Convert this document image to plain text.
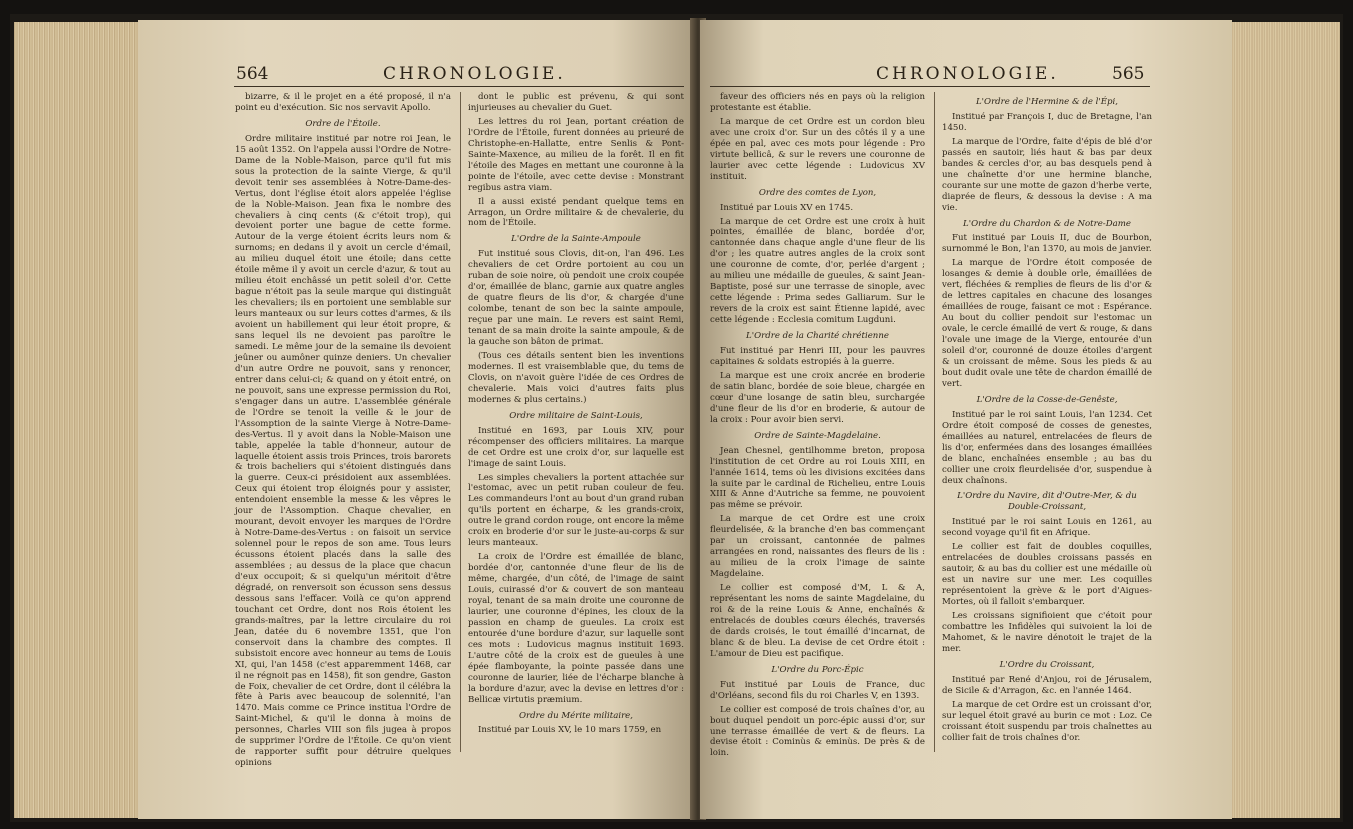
564	CHRONOLOGIE.

bizarre, & il le projet en a été proposé, il n'a point eu d'exécution. Sic nos servavit Apollo.

Ordre de l'Étoile.

Ordre militaire institué par notre roi Jean, le 15 août 1352. On l'appela aussi l'Ordre de Notre-Dame de la Noble-Maison, parce qu'il fut mis sous la protection de la sainte Vierge, & qu'il devoit tenir ses assemblées à Notre-Dame-des-Vertus, dont l'église étoit alors appelée l'église de la Noble-Maison. Jean fixa le nombre des chevaliers à cinq cents (& c'étoit trop), qui devoient porter une bague de cette forme. Autour de la verge étoient écrits leurs nom & surnoms; en dedans il y avoit un cercle d'émail, au milieu duquel étoit une étoile; dans cette étoile même il y avoit un cercle d'azur, & tout au milieu étoit enchâssé un petit soleil d'or. Cette bague n'étoit pas la seule marque qui distinguât les chevaliers; ils en portoient une semblable sur leurs manteaux ou sur leurs cottes d'armes, & ils avoient un habillement qui leur étoit propre, & sans lequel ils ne devoient pas paroître le samedi. Le même jour de la semaine ils devoient jeûner ou aumôner quinze deniers. Un chevalier d'un autre Ordre ne pouvoit, sans y renoncer, entrer dans celui-ci; & quand on y étoit entré, on ne pouvoit, sans une expresse permission du Roi, s'engager dans un autre. L'assemblée générale de l'Ordre se tenoit la veille & le jour de l'Assomption de la sainte Vierge à Notre-Dame-des-Vertus. Il y avoit dans la Noble-Maison une table, appelée la table d'honneur, autour de laquelle étoient assis trois Princes, trois barorets & trois bacheliers qui s'étoient distingués dans la guerre. Ceux-ci présidoient aux assemblées. Ceux qui étoient trop éloignés pour y assister, entendoient ensemble la messe & les vêpres le jour de l'Assomption. Chaque chevalier, en mourant, devoit envoyer les marques de l'Ordre à Notre-Dame-des-Vertus : on faisoit un service solennel pour le repos de son ame. Tous leurs écussons étoient placés dans la salle des assemblées ; au dessus de la place que chacun d'eux occupoit; & si quelqu'un méritoit d'être dégradé, on renversoit son écusson sens dessus dessous sans l'effacer. Voilà ce qu'on apprend touchant cet Ordre, dont nos Rois étoient les grands-maîtres, par la lettre circulaire du roi Jean, datée du 6 novembre 1351, que l'on conservoit dans la chambre des comptes. Il subsistoit encore avec honneur au tems de Louis XI, qui, l'an 1458 (c'est apparemment 1468, car il ne régnoit pas en 1458), fit son gendre, Gaston de Foix, chevalier de cet Ordre, dont il célébra la fête à Paris avec beaucoup de solennité, l'an 1470. Mais comme ce Prince institua l'Ordre de Saint-Michel, & qu'il le donna à moins de personnes, Charles VIII son fils jugea à propos de supprimer l'Ordre de l'Étoile. Ce qu'on vient de rapporter suffit pour détruire quelques opinions

dont le public est prévenu, & qui sont injurieuses au chevalier du Guet.

Les lettres du roi Jean, portant création de l'Ordre de l'Étoile, furent données au prieuré de Christophe-en-Hallatte, entre Senlis & Pont-Sainte-Maxence, au milieu de la forêt. Il en fit l'étoile des Mages en mettant une couronne à la pointe de l'étoile, avec cette devise : Monstrant regibus astra viam.

Il a aussi existé pendant quelque tems en Arragon, un Ordre militaire & de chevalerie, du nom de l'Étoile.

L'Ordre de la Sainte-Ampoule

Fut institué sous Clovis, dit-on, l'an 496. Les chevaliers de cet Ordre portoient au cou un ruban de soie noire, où pendoit une croix coupée d'or, émaillée de blanc, garnie aux quatre angles de quatre fleurs de lis d'or, & chargée d'une colombe, tenant de son bec la sainte ampoule, reçue par une main. Le revers est saint Remi, tenant de sa main droite la sainte ampoule, & de la gauche son bâton de primat.

(Tous ces détails sentent bien les inventions modernes. Il est vraisemblable que, du tems de Clovis, on n'avoit guère l'idée de ces Ordres de chevalerie. Mais voici d'autres faits plus modernes & plus certains.)

Ordre militaire de Saint-Louis,

Institué en 1693, par Louis XIV, pour récompenser des officiers militaires. La marque de cet Ordre est une croix d'or, sur laquelle est l'image de saint Louis.

Les simples chevaliers la portent attachée sur l'estomac, avec un petit ruban couleur de feu. Les commandeurs l'ont au bout d'un grand ruban qu'ils portent en écharpe, & les grands-croix, outre le grand cordon rouge, ont encore la même croix en broderie d'or sur le juste-au-corps & sur leurs manteaux.

La croix de l'Ordre est émaillée de blanc, bordée d'or, cantonnée d'une fleur de lis de même, chargée, d'un côté, de l'image de saint Louis, cuirassé d'or & couvert de son manteau royal, tenant de sa main droite une couronne de laurier, une couronne d'épines, les cloux de la passion en champ de gueules. La croix est entourée d'une bordure d'azur, sur laquelle sont ces mots : Ludovicus magnus instituit 1693. L'autre côté de la croix est de gueules à une épée flamboyante, la pointe passée dans une couronne de laurier, liée de l'écharpe blanche à la bordure d'azur, avec la devise en lettres d'or : Bellicæ virtutis præmium.

Ordre du Mérite militaire,

Institué par Louis XV, le 10 mars 1759, en

CHRONOLOGIE.	565

faveur des officiers nés en pays où la religion protestante est établie.

La marque de cet Ordre est un cordon bleu avec une croix d'or. Sur un des côtés il y a une épée en pal, avec ces mots pour légende : Pro virtute bellicâ, & sur le revers une couronne de laurier avec cette légende : Ludovicus XV instituit.

Ordre des comtes de Lyon,

Institué par Louis XV en 1745.

La marque de cet Ordre est une croix à huit pointes, émaillée de blanc, bordée d'or, cantonnée dans chaque angle d'une fleur de lis d'or ; les quatre autres angles de la croix sont une couronne de comte, d'or, perlée d'argent ; au milieu une médaille de gueules, & saint Jean-Baptiste, posé sur une terrasse de sinople, avec cette légende : Prima sedes Galliarum. Sur le revers de la croix est saint Étienne lapidé, avec cette légende : Ecclesia comitum Lugduni.

L'Ordre de la Charité chrétienne

Fut institué par Henri III, pour les pauvres capitaines & soldats estropiés à la guerre.

La marque est une croix ancrée en broderie de satin blanc, bordée de soie bleue, chargée en cœur d'une losange de satin bleu, surchargée d'une fleur de lis d'or en broderie, & autour de la croix : Pour avoir bien servi.

Ordre de Sainte-Magdelaine.

Jean Chesnel, gentilhomme breton, proposa l'institution de cet Ordre au roi Louis XIII, en l'année 1614, tems où les divisions excitées dans la suite par le cardinal de Richelieu, entre Louis XIII & Anne d'Autriche sa femme, ne pouvoient pas même se prévoir.

La marque de cet Ordre est une croix fleurdelisée, & la branche d'en bas commençant par un croissant, cantonnée de palmes arrangées en rond, naissantes des fleurs de lis : au milieu de la croix l'image de sainte Magdelaine.

Le collier est composé d'M, L & A, représentant les noms de sainte Magdelaine, du roi & de la reine Louis & Anne, enchaînés & entrelacés de doubles cœurs élechés, traversés de dards croisés, le tout émaillé d'incarnat, de blanc & de bleu. La devise de cet Ordre étoit : L'amour de Dieu est pacifique.

L'Ordre du Porc-Épic

Fut institué par Louis de France, duc d'Orléans, second fils du roi Charles V, en 1393.

Le collier est composé de trois chaînes d'or, au bout duquel pendoit un porc-épic aussi d'or, sur une terrasse émaillée de vert & de fleurs. La devise étoit : Cominùs & eminùs. De près & de loin.

L'Ordre de l'Hermine & de l'Épi,

Institué par François I, duc de Bretagne, l'an 1450.

La marque de l'Ordre, faite d'épis de blé d'or passés en sautoir, liés haut & bas par deux bandes & cercles d'or, au bas desquels pend à une chaînette d'or une hermine blanche, courante sur une motte de gazon d'herbe verte, diaprée de fleurs, & dessous la devise : A ma vie.

L'Ordre du Chardon & de Notre-Dame

Fut institué par Louis II, duc de Bourbon, surnommé le Bon, l'an 1370, au mois de janvier.

La marque de l'Ordre étoit composée de losanges & demie à double orle, émaillées de vert, fléchées & remplies de fleurs de lis d'or & de lettres capitales en chacune des losanges émaillées de rouge, faisant ce mot : Espérance. Au bout du collier pendoit sur l'estomac un ovale, le cercle émaillé de vert & rouge, & dans l'ovale une image de la Vierge, entourée d'un soleil d'or, couronné de douze étoiles d'argent & un croissant de même. Sous les pieds & au bout dudit ovale une tête de chardon émaillé de vert.

L'Ordre de la Cosse-de-Genêste,

Institué par le roi saint Louis, l'an 1234. Cet Ordre étoit composé de cosses de genestes, émaillées au naturel, entrelacées de fleurs de lis d'or, enfermées dans des losanges émaillées de blanc, enchaînées ensemble ; au bas du collier une croix fleurdelisée d'or, suspendue à deux chaînons.

L'Ordre du Navire, dit d'Outre-Mer, & du Double-Croissant,

Institué par le roi saint Louis en 1261, au second voyage qu'il fit en Afrique.

Le collier est fait de doubles coquilles, entrelacées de doubles croissans passés en sautoir, & au bas du collier est une médaille où est un navire sur une mer. Les coquilles représentoient la grève & le port d'Aigues-Mortes, où il falloit s'embarquer.

Les croissans signifioient que c'étoit pour combattre les Infidèles qui suivoient la loi de Mahomet, & le navire dénotoit le trajet de la mer.

L'Ordre du Croissant,

Institué par René d'Anjou, roi de Jérusalem, de Sicile & d'Arragon, &c. en l'année 1464.

La marque de cet Ordre est un croissant d'or, sur lequel étoit gravé au burin ce mot : Loz. Ce croissant étoit suspendu par trois chaînettes au collier fait de trois chaînes d'or.
